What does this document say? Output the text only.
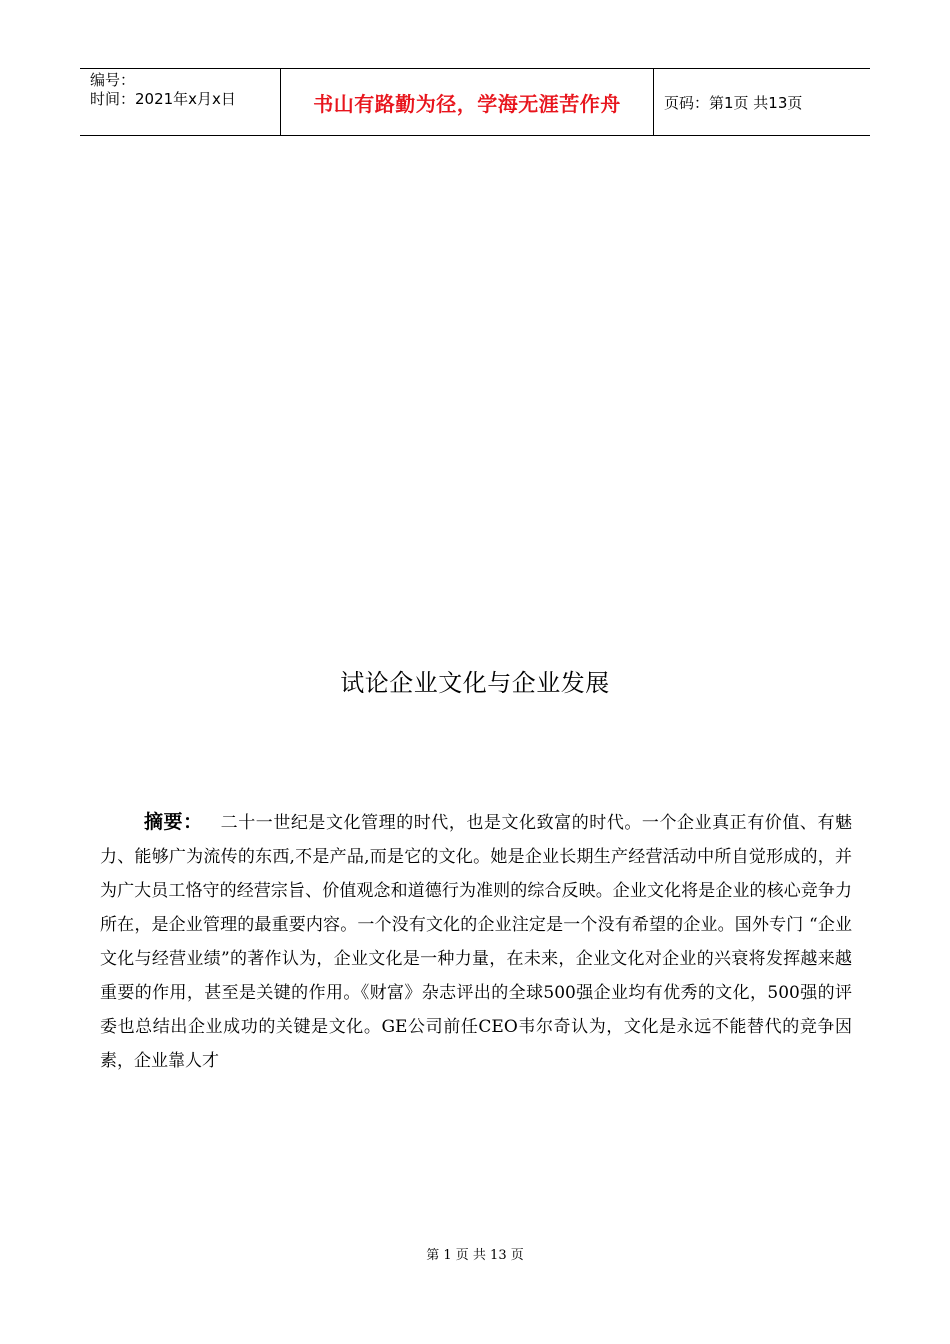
编号：
时间：2021年x月x日	书山有路勤为径，学海无涯苦作舟	页码：第1页 共13页
试论企业文化与企业发展
摘要： 二十一世纪是文化管理的时代，也是文化致富的时代。一个企业真正有价值、有魅力、能够广为流传的东西,不是产品,而是它的文化。她是企业长期生产经营活动中所自觉形成的，并为广大员工恪守的经营宗旨、价值观念和道德行为准则的综合反映。企业文化将是企业的核心竞争力所在，是企业管理的最重要内容。一个没有文化的企业注定是一个没有希望的企业。国外专门 “企业文化与经营业绩”的著作认为，企业文化是一种力量，在未来，企业文化对企业的兴衰将发挥越来越重要的作用，甚至是关键的作用。《财富》杂志评出的全球500强企业均有优秀的文化，500强的评委也总结出企业成功的关键是文化。GE公司前任CEO韦尔奇认为，文化是永远不能替代的竞争因素，企业靠人才
第 1 页 共 13 页
